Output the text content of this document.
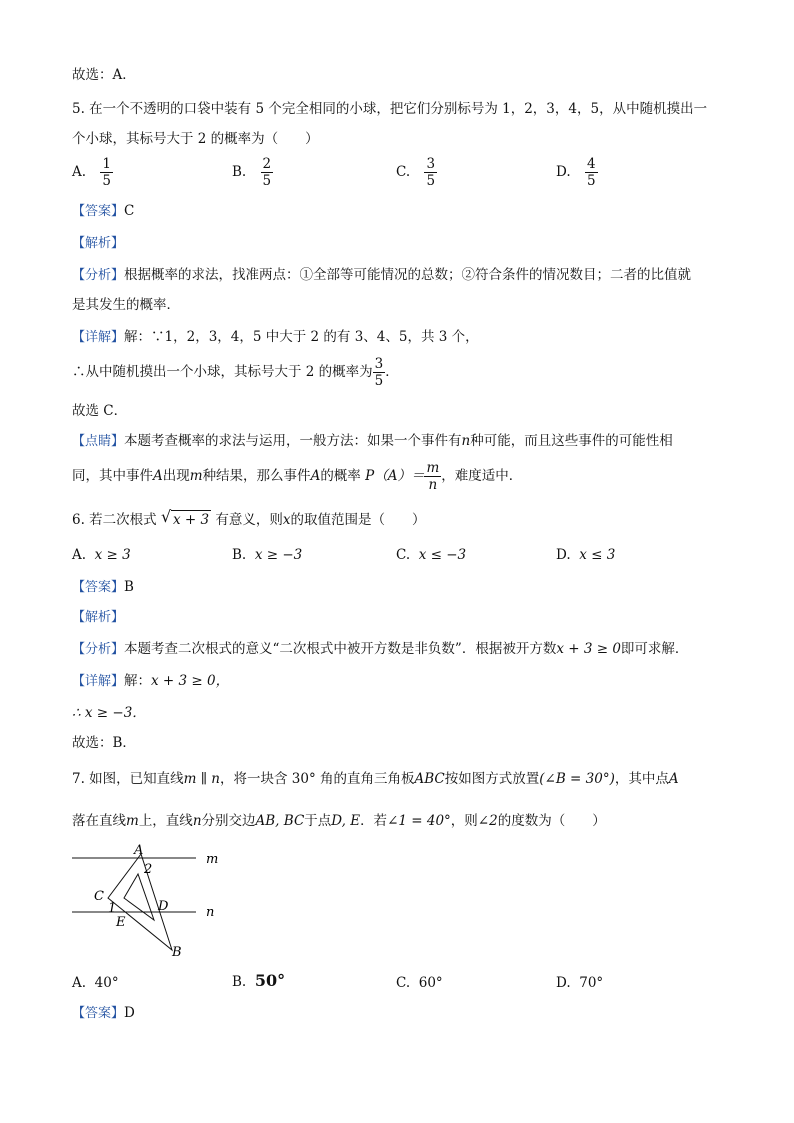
故选：A．
5. 在一个不透明的口袋中装有 5 个完全相同的小球，把它们分别标号为 1，2，3，4，5，从中随机摸出一
个小球，其标号大于 2 的概率为（　　）
A. $\frac{1}{5}$	B. $\frac{2}{5}$	C. $\frac{3}{5}$	D. $\frac{4}{5}$
【答案】C
【解析】
【分析】根据概率的求法，找准两点：①全部等可能情况的总数；②符合条件的情况数目；二者的比值就
是其发生的概率．
【详解】解：∵1，2，3，4，5 中大于 2 的有 3、4、5，共 3 个，
∴从中随机摸出一个小球，其标号大于 2 的概率为 $\frac{3}{5}$ ．
故选 C．
【点睛】本题考查概率的求法与运用，一般方法：如果一个事件有n种可能，而且这些事件的可能性相
同，其中事件A出现m种结果，那么事件A的概率 $P(A)= \frac{m}{n}$ ，难度适中．
6. 若二次根式 √ x + 3 有意义，则x的取值范围是（　　）
A. x ≥ 3	B. x ≥ −3	C. x ≤ −3	D. x ≤ 3
【答案】B
【解析】
【分析】本题考查二次根式的意义“二次根式中被开方数是非负数”．根据被开方数x + 3 ≥ 0即可求解．
【详解】解：x + 3 ≥ 0，
∴ x ≥ −3．
故选：B．
7. 如图，已知直线m ∥ n，将一块含 30° 角的直角三角板ABC按如图方式放置(∠B = 30°)，其中点A
落在直线m上，直线n分别交边AB, BC于点D, E．若∠1 = 40°，则∠2的度数为（　　）
A
2
m
C
1	D	n
E
B
A. 40°	B. 50°	C. 60°	D. 70°
【答案】D
